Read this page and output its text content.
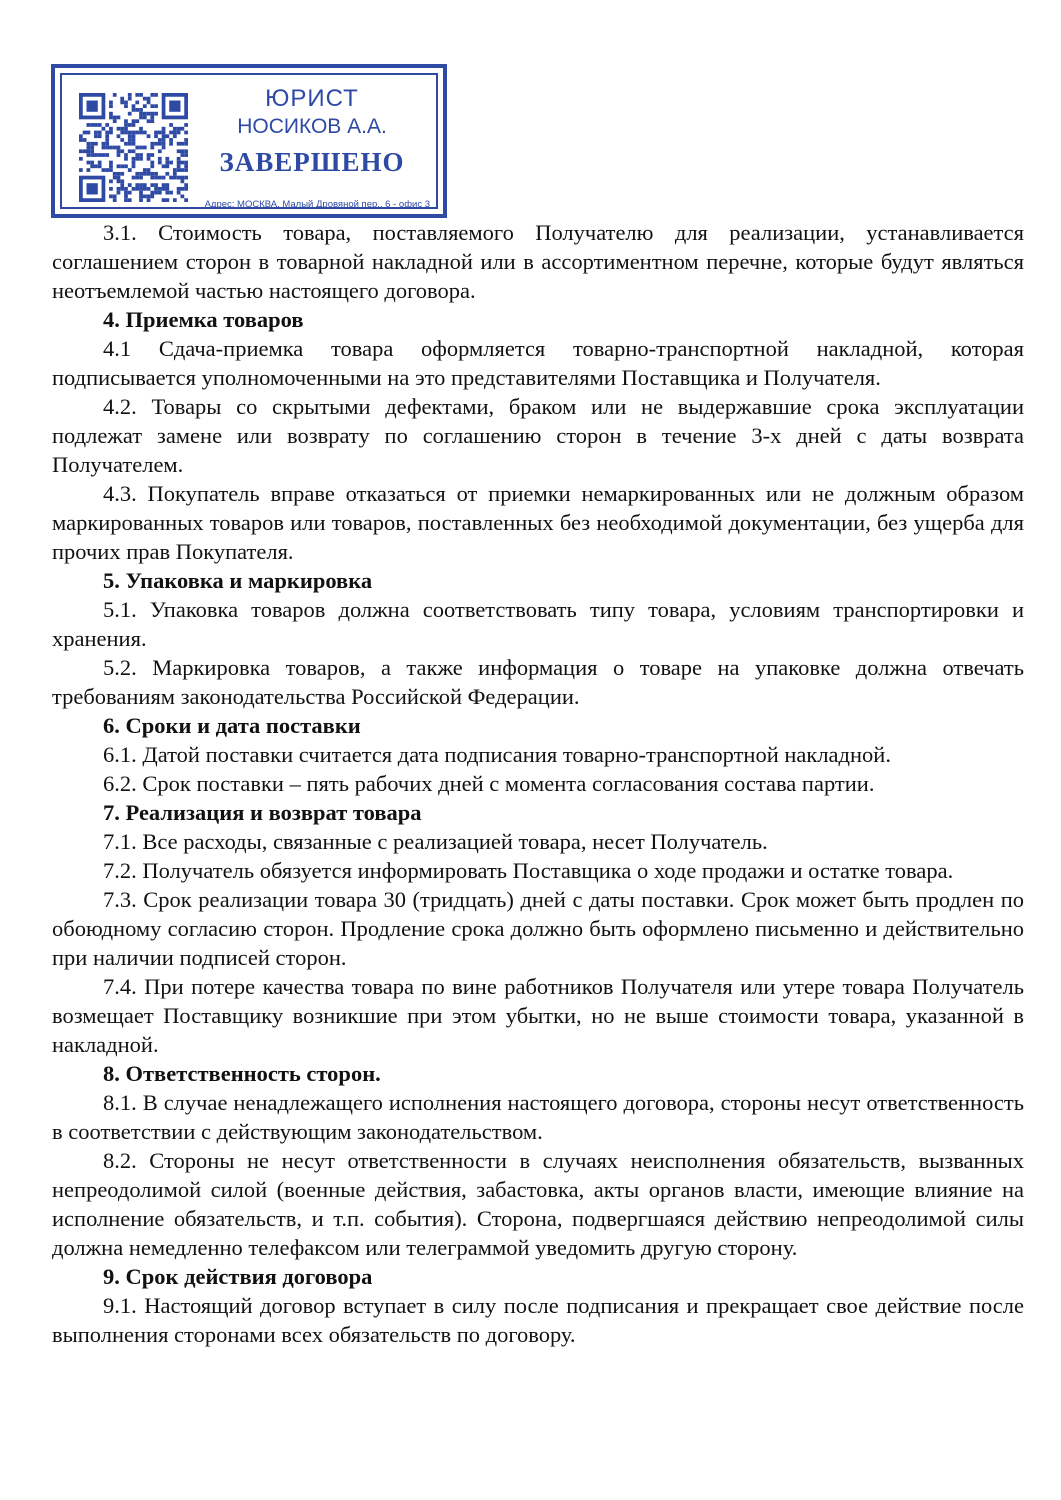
ЮРИСТ
НОСИКОВ А.А.
ЗАВЕРШЕНО
Адрес: МОСКВА, Малый Дровяной пер., 6 - офис 3

3.1. Стоимость товара, поставляемого Получателю для реализации, устанавливается соглашением сторон в товарной накладной или в ассортиментном перечне, которые будут являться неотъемлемой частью настоящего договора.

4. Приемка товаров

4.1 Сдача-приемка товара оформляется товарно-транспортной накладной, которая подписывается уполномоченными на это представителями Поставщика и Получателя.

4.2. Товары со скрытыми дефектами, браком или не выдержавшие срока эксплуатации подлежат замене или возврату по соглашению сторон в течение 3-х дней с даты возврата Получателем.

4.3. Покупатель вправе отказаться от приемки немаркированных или не должным образом маркированных товаров или товаров, поставленных без необходимой документации, без ущерба для прочих прав Покупателя.

5. Упаковка и маркировка

5.1. Упаковка товаров должна соответствовать типу товара, условиям транспортировки и хранения.

5.2. Маркировка товаров, а также информация о товаре на упаковке должна отвечать требованиям законодательства Российской Федерации.

6. Сроки и дата поставки

6.1. Датой поставки считается дата подписания товарно-транспортной накладной.

6.2. Срок поставки – пять рабочих дней с момента согласования состава партии.

7. Реализация и возврат товара

7.1. Все расходы, связанные с реализацией товара, несет Получатель.

7.2. Получатель обязуется информировать Поставщика о ходе продажи и остатке товара.

7.3. Срок реализации товара 30 (тридцать) дней с даты поставки. Срок может быть продлен по обоюдному согласию сторон. Продление срока должно быть оформлено письменно и действительно при наличии подписей сторон.

7.4. При потере качества товара по вине работников Получателя или утере товара Получатель возмещает Поставщику возникшие при этом убытки, но не выше стоимости товара, указанной в накладной.

8. Ответственность сторон.

8.1. В случае ненадлежащего исполнения настоящего договора, стороны несут ответственность в соответствии с действующим законодательством.

8.2. Стороны не несут ответственности в случаях неисполнения обязательств, вызванных непреодолимой силой (военные действия, забастовка, акты органов власти, имеющие влияние на исполнение обязательств, и т.п. события). Сторона, подвергшаяся действию непреодолимой силы должна немедленно телефаксом или телеграммой уведомить другую сторону.

9. Срок действия договора

9.1. Настоящий договор вступает в силу после подписания и прекращает свое действие после выполнения сторонами всех обязательств по договору.
